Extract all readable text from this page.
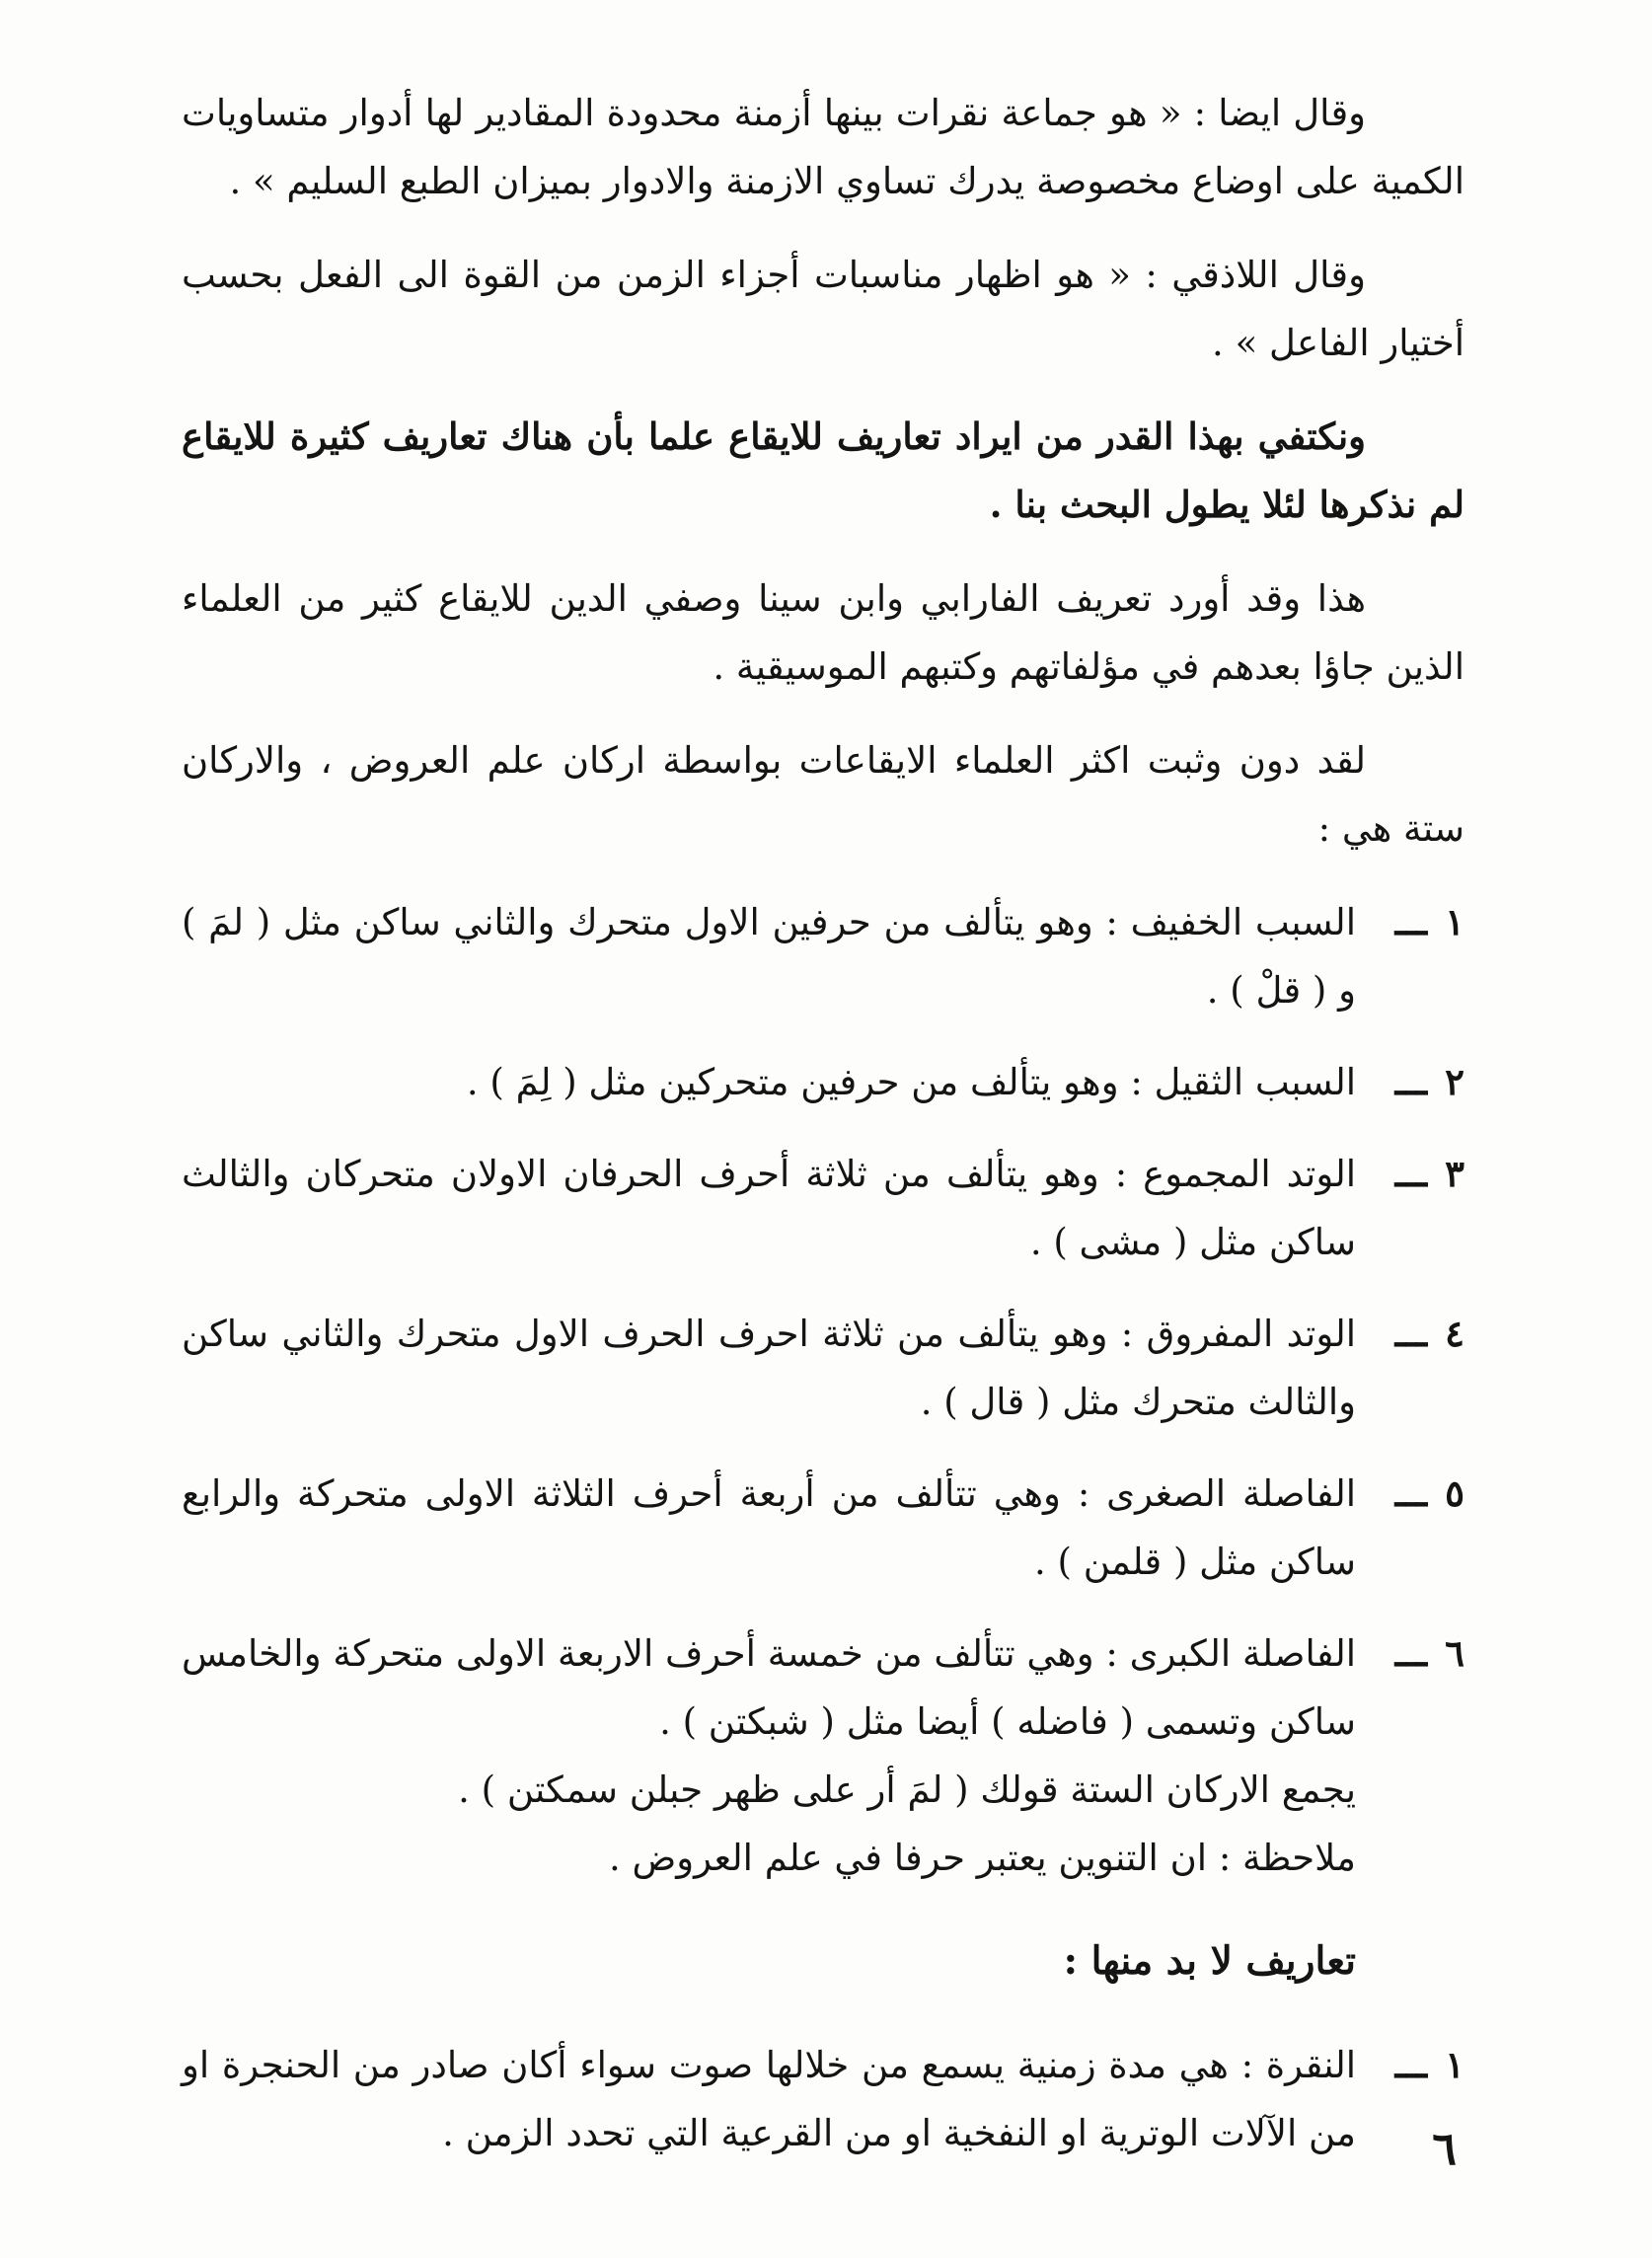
وقال ايضا : « هو جماعة نقرات بينها أزمنة محدودة المقادير لها أدوار متساويات الكمية على اوضاع مخصوصة يدرك تساوي الازمنة والادوار بميزان الطبع السليم » .

وقال اللاذقي : « هو اظهار مناسبات أجزاء الزمن من القوة الى الفعل بحسب أختيار الفاعل » .

ونكتفي بهذا القدر من ايراد تعاريف للايقاع علما بأن هناك تعاريف كثيرة للايقاع لم نذكرها لئلا يطول البحث بنا .

هذا وقد أورد تعريف الفارابي وابن سينا وصفي الدين للايقاع كثير من العلماء الذين جاؤا بعدهم في مؤلفاتهم وكتبهم الموسيقية .

لقد دون وثبت اكثر العلماء الايقاعات بواسطة اركان علم العروض ، والاركان ستة هي :

١ـــ
السبب الخفيف : وهو يتألف من حرفين الاول متحرك والثاني ساكن مثل ( لمَ ) و ( قلْ ) .
٢ـــ
السبب الثقيل : وهو يتألف من حرفين متحركين مثل ( لِمَ ) .
٣ـــ
الوتد المجموع : وهو يتألف من ثلاثة أحرف الحرفان الاولان متحركان والثالث ساكن مثل ( مشى ) .
٤ـــ
الوتد المفروق : وهو يتألف من ثلاثة احرف الحرف الاول متحرك والثاني ساكن والثالث متحرك مثل ( قال ) .
٥ـــ
الفاصلة الصغرى : وهي تتألف من أربعة أحرف الثلاثة الاولى متحركة والرابع ساكن مثل ( قلمن ) .
٦ـــ
الفاصلة الكبرى : وهي تتألف من خمسة أحرف الاربعة الاولى متحركة والخامس ساكن وتسمى ( فاضله ) أيضا مثل ( شبكتن ) .
يجمع الاركان الستة قولك ( لمَ أر على ظهر جبلن سمكتن ) .
ملاحظة : ان التنوين يعتبر حرفا في علم العروض .
تعاريف لا بد منها :
١ـــ
النقرة : هي مدة زمنية يسمع من خلالها صوت سواء أكان صادر من الحنجرة او من الآلات الوترية او النفخية او من القرعية التي تحدد الزمن . ٦
